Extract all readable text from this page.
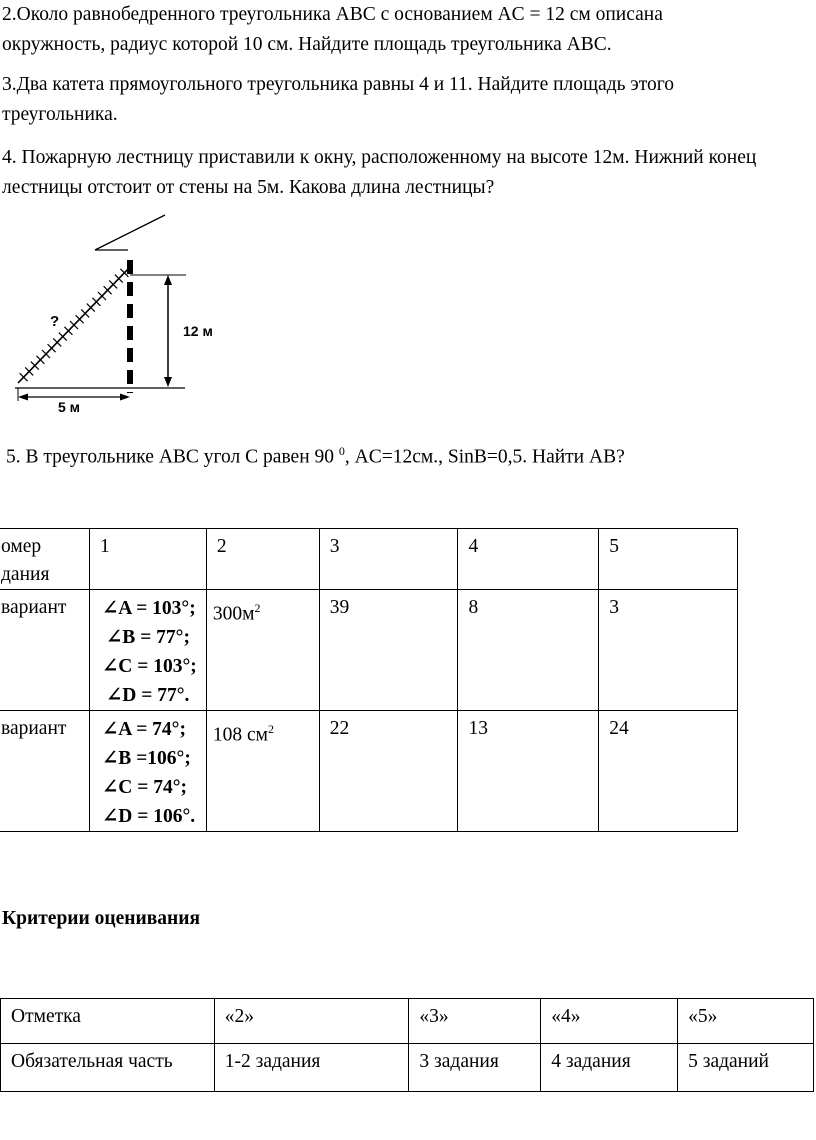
2.Около равнобедренного треугольника ABC с основанием AC = 12 см описана
окружность, радиус которой 10 см. Найдите площадь треугольника ABC.
3.Два катета прямоугольного треугольника равны 4 и 11. Найдите площадь этого
треугольника.
4. Пожарную лестницу приставили к окну, расположенному на высоте 12м. Нижний конец
лестницы отстоит от стены на 5м. Какова длина лестницы?
?
12 м
5 м
5. В треугольнике ABC угол C равен 90 $^0$, AC=12см., SinB=0,5. Найти AB?
омер
дания	1	2	3	4	5

вариант	∠A = 103°;
∠B = 77°;
∠C = 103°;
∠D = 77°.	$300м^2$	39	8	3

вариант	∠A = 74°;
∠B =106°;
∠C = 74°;
∠D = 106°.	108 $см^2$	22	13	24
Критерии оценивания
Отметка	«2»	«3»	«4»	«5»

Обязательная часть	1-2 задания	3 задания	4 задания	5 заданий
